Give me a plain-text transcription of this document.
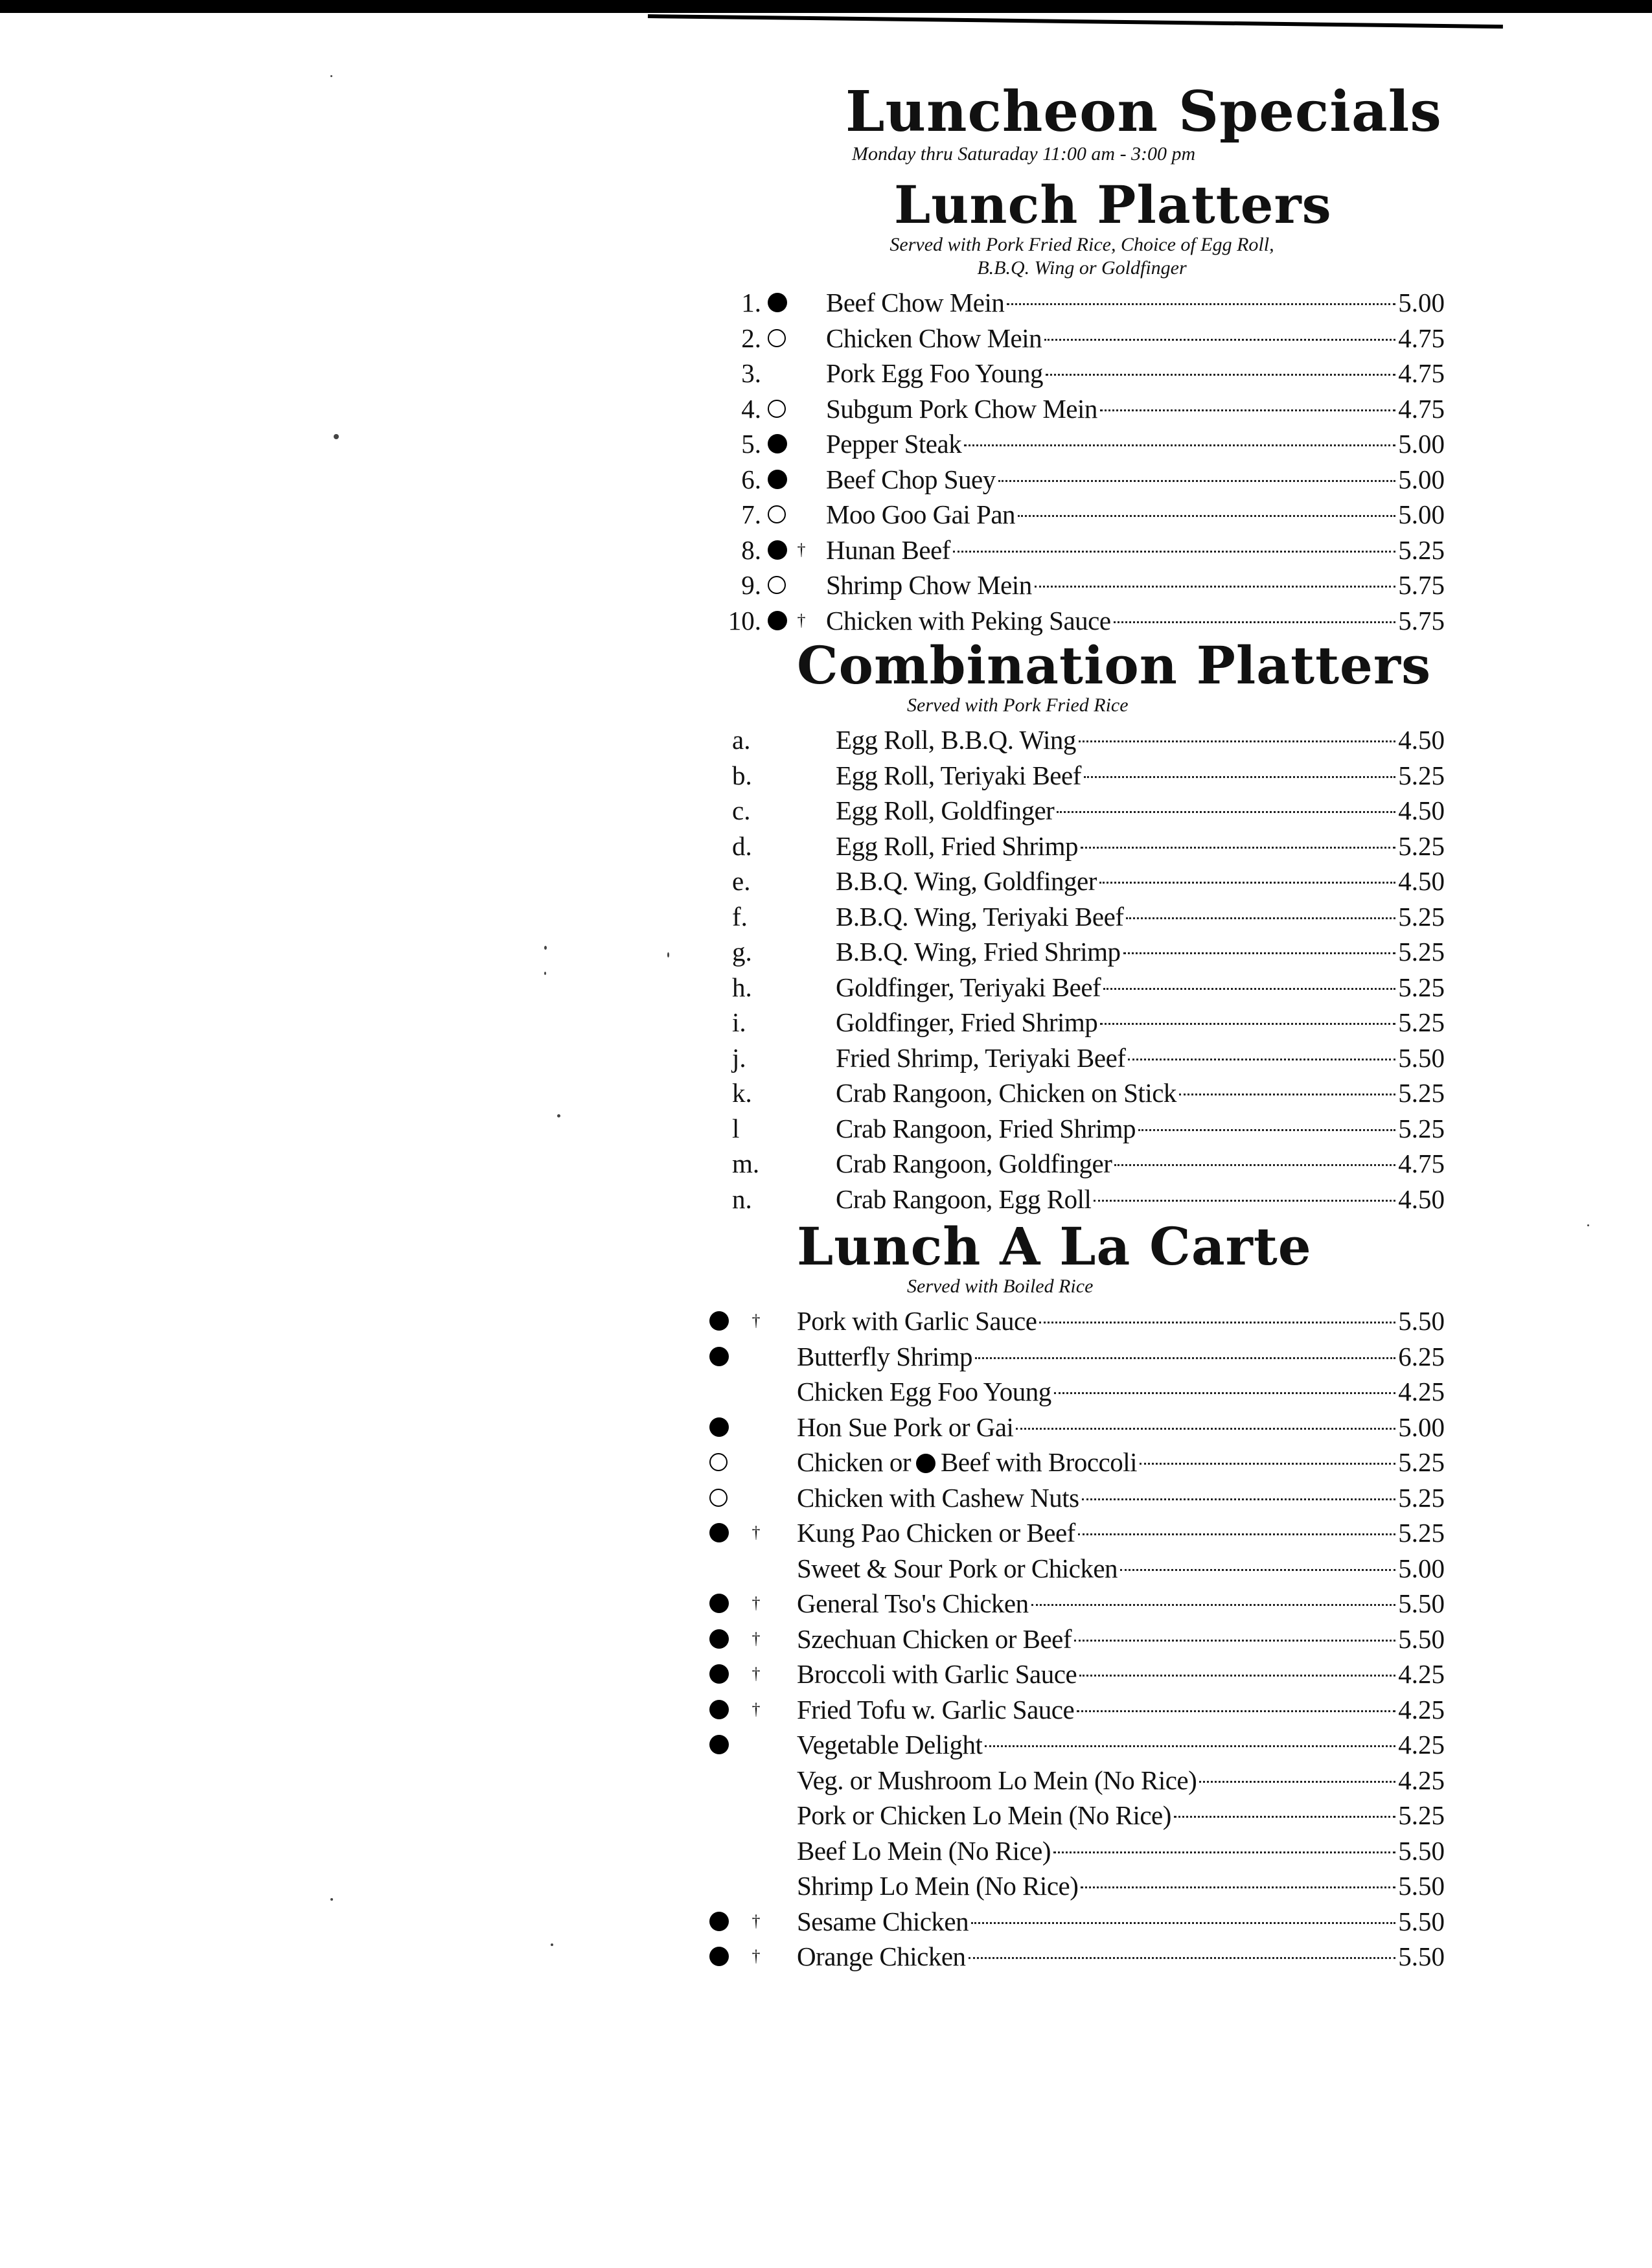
Luncheon Specials

Monday thru Saturaday 11:00 am - 3:00 pm

Lunch Platters

Served with Pork Fried Rice, Choice of Egg Roll,
B.B.Q. Wing or Goldfinger

1. Beef Chow Mein	5.00
2. Chicken Chow Mein	4.75
3. Pork Egg Foo Young	4.75
4. Subgum Pork Chow Mein	4.75
5. Pepper Steak	5.00
6. Beef Chop Suey	5.00
7. Moo Goo Gai Pan	5.00
8. † Hunan Beef	5.25
9. Shrimp Chow Mein	5.75
10. † Chicken with Peking Sauce	5.75
Combination Platters

Served with Pork Fried Rice

a.	Egg Roll, B.B.Q. Wing	4.50
b.	Egg Roll, Teriyaki Beef	5.25
c.	Egg Roll, Goldfinger	4.50
d.	Egg Roll, Fried Shrimp	5.25
e.	B.B.Q. Wing, Goldfinger	4.50
f.	B.B.Q. Wing, Teriyaki Beef	5.25
g.	B.B.Q. Wing, Fried Shrimp	5.25
h.	Goldfinger, Teriyaki Beef	5.25
i.	Goldfinger, Fried Shrimp	5.25
j.	Fried Shrimp, Teriyaki Beef	5.50
k.	Crab Rangoon, Chicken on Stick	5.25
l	Crab Rangoon, Fried Shrimp	5.25
m.	Crab Rangoon, Goldfinger	4.75
n.	Crab Rangoon, Egg Roll	4.50
Lunch A La Carte

Served with Boiled Rice

† Pork with Garlic Sauce	5.50
Butterfly Shrimp	6.25
Chicken Egg Foo Young	4.25
Hon Sue Pork or Gai	5.00
Chicken or Beef with Broccoli	5.25
Chicken with Cashew Nuts	5.25
† Kung Pao Chicken or Beef	5.25
Sweet & Sour Pork or Chicken	5.00
† General Tso's Chicken	5.50
† Szechuan Chicken or Beef	5.50
† Broccoli with Garlic Sauce	4.25
† Fried Tofu w. Garlic Sauce	4.25
Vegetable Delight	4.25
Veg. or Mushroom Lo Mein (No Rice)	4.25
Pork or Chicken Lo Mein (No Rice)	5.25
Beef Lo Mein (No Rice)	5.50
Shrimp Lo Mein (No Rice)	5.50
† Sesame Chicken	5.50
† Orange Chicken	5.50
